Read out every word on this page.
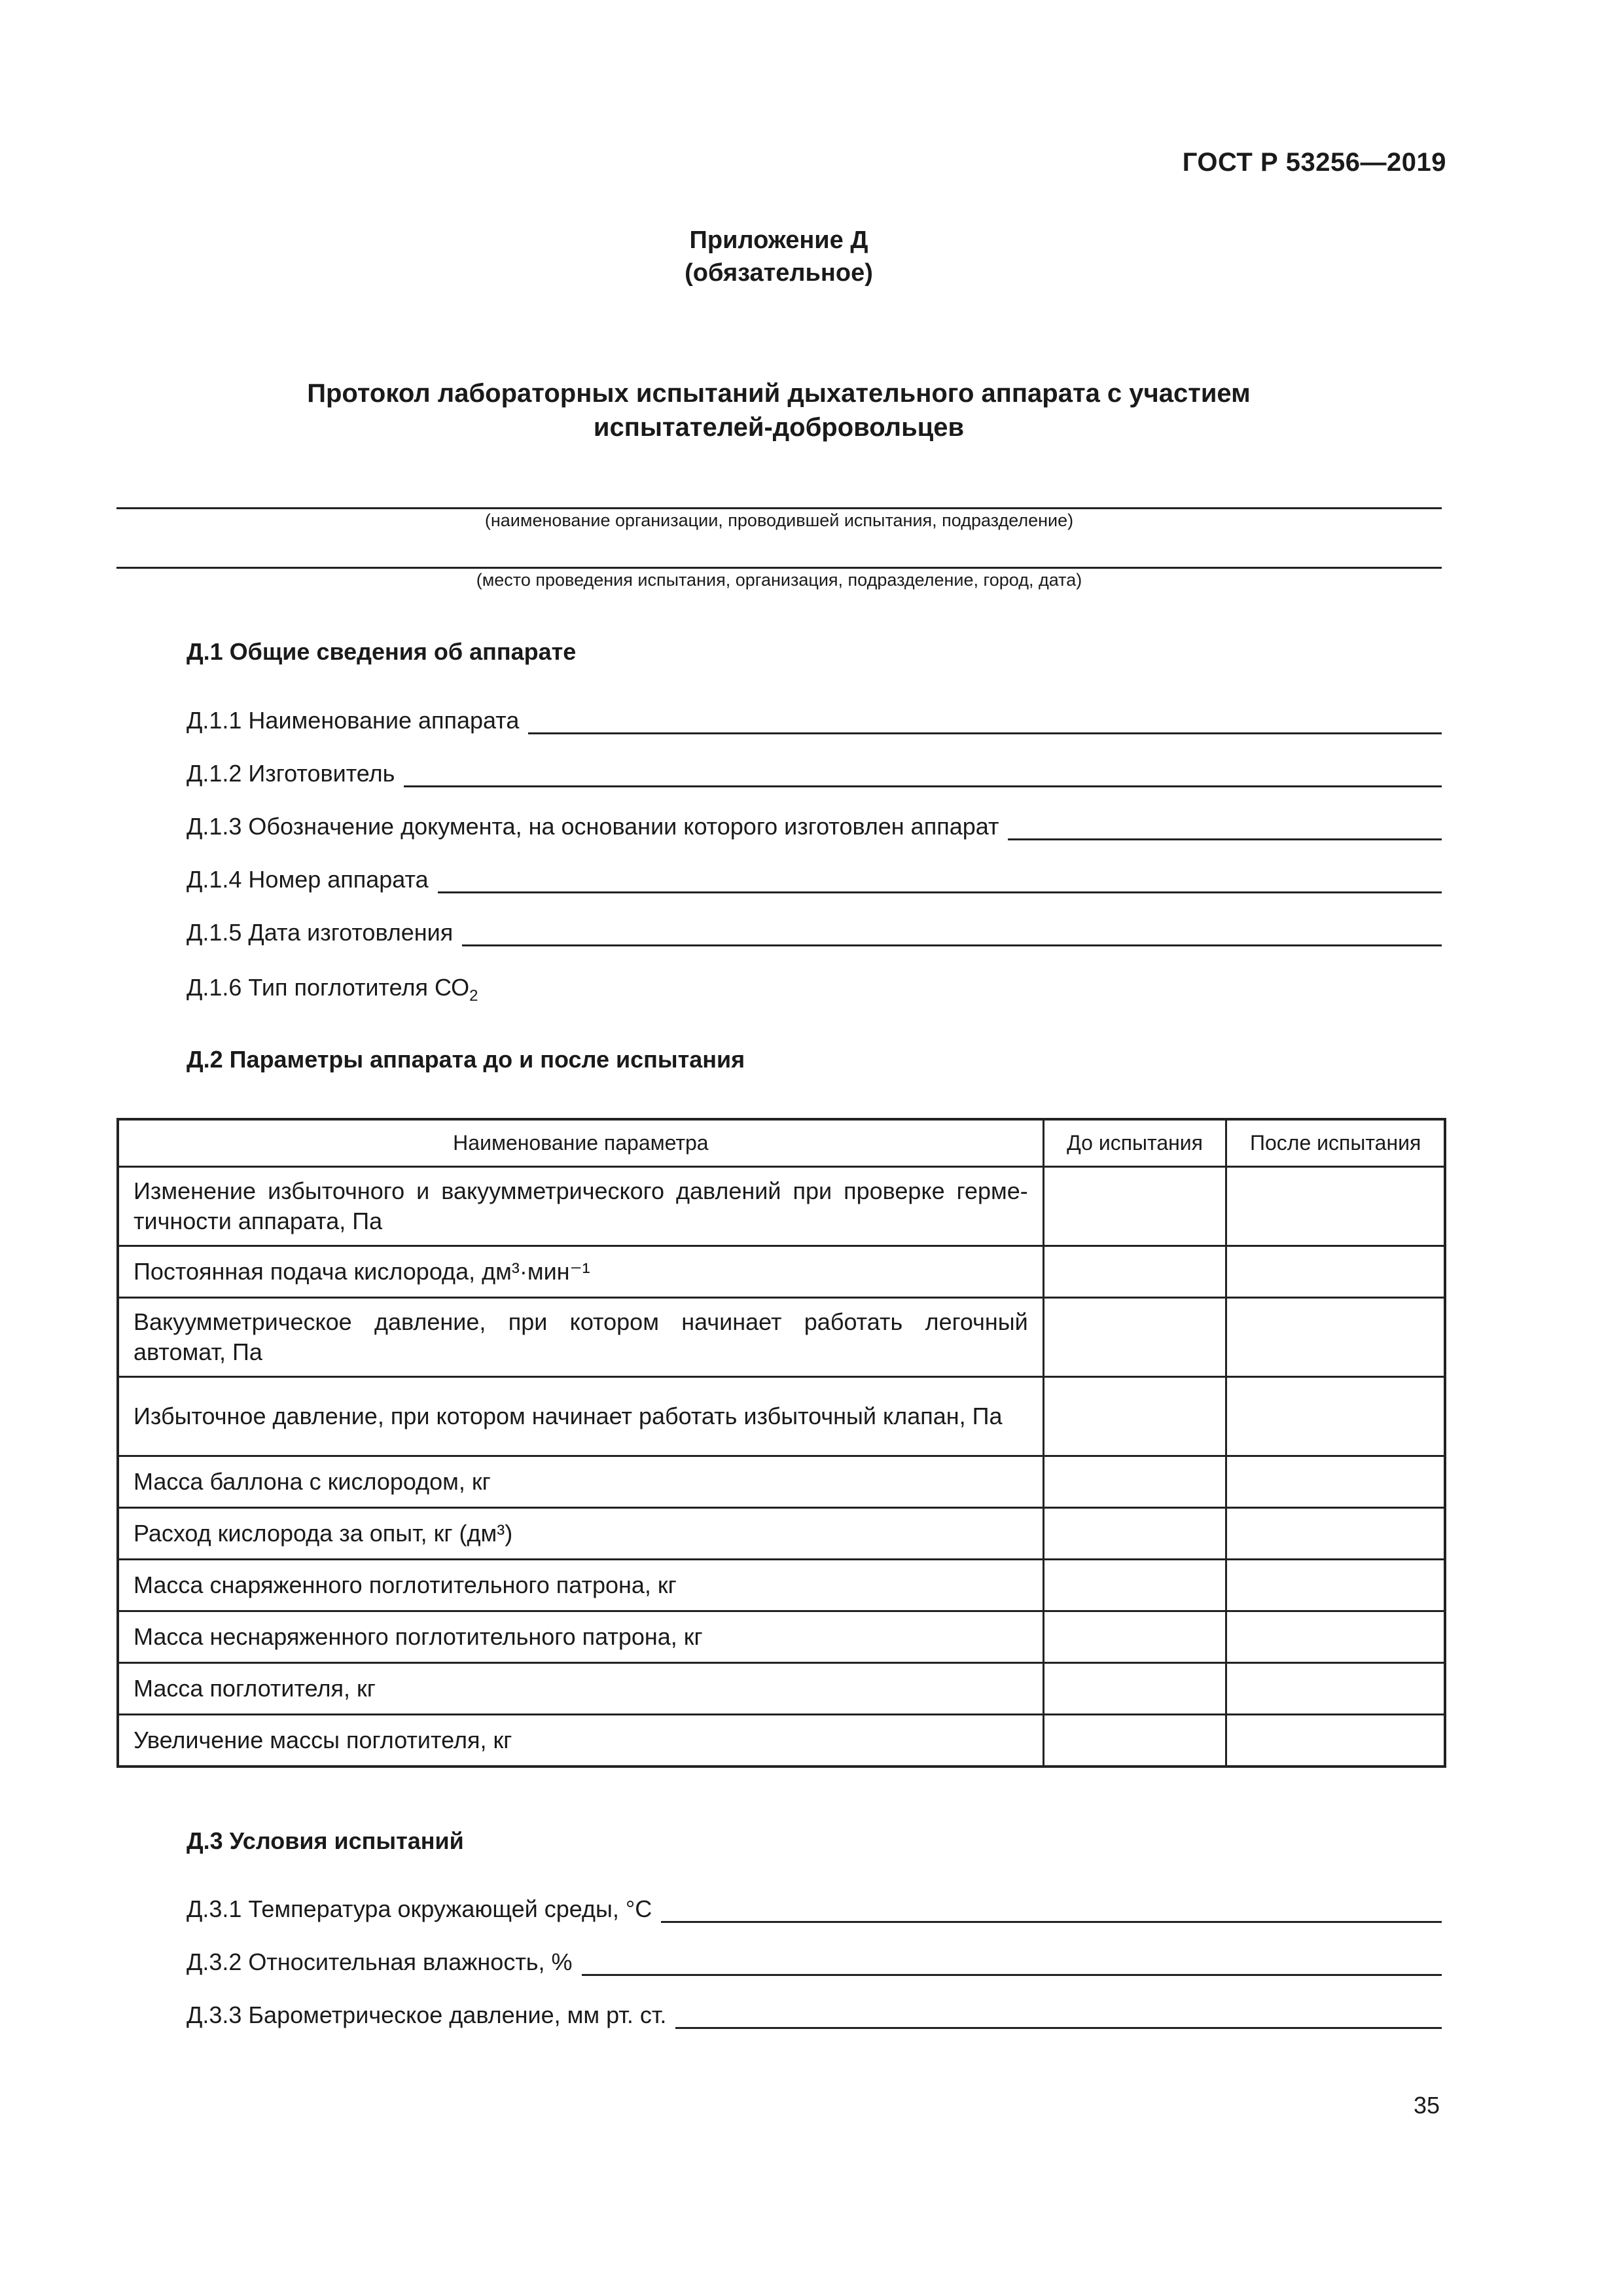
ГОСТ Р 53256—2019
Приложение Д
(обязательное)
Протокол лабораторных испытаний дыхательного аппарата с участием
испытателей-добровольцев
(наименование организации, проводившей испытания, подразделение)
(место проведения испытания, организация, подразделение, город, дата)
Д.1 Общие сведения об аппарате
Д.1.1 Наименование аппарата
Д.1.2 Изготовитель
Д.1.3 Обозначение документа, на основании которого изготовлен аппарат
Д.1.4 Номер аппарата
Д.1.5 Дата изготовления
Д.1.6 Тип поглотителя $СО_2$
Д.2 Параметры аппарата до и после испытания
Наименование параметра	До испытания	После испытания
Изменение избыточного и вакуумметрического давлений при проверке герме-тичности аппарата, Па		
Постоянная подача кислорода, дм³·мин⁻¹		
Вакуумметрическое давление, при котором начинает работать легочный автомат, Па		
Избыточное давление, при котором начинает работать избыточный клапан, Па		
Масса баллона с кислородом, кг		
Расход кислорода за опыт, кг (дм³)		
Масса снаряженного поглотительного патрона, кг		
Масса неснаряженного поглотительного патрона, кг		
Масса поглотителя, кг		
Увеличение массы поглотителя, кг		
Д.3 Условия испытаний
Д.3.1 Температура окружающей среды, °С
Д.3.2 Относительная влажность, %
Д.3.3 Барометрическое давление, мм рт. ст.
35
